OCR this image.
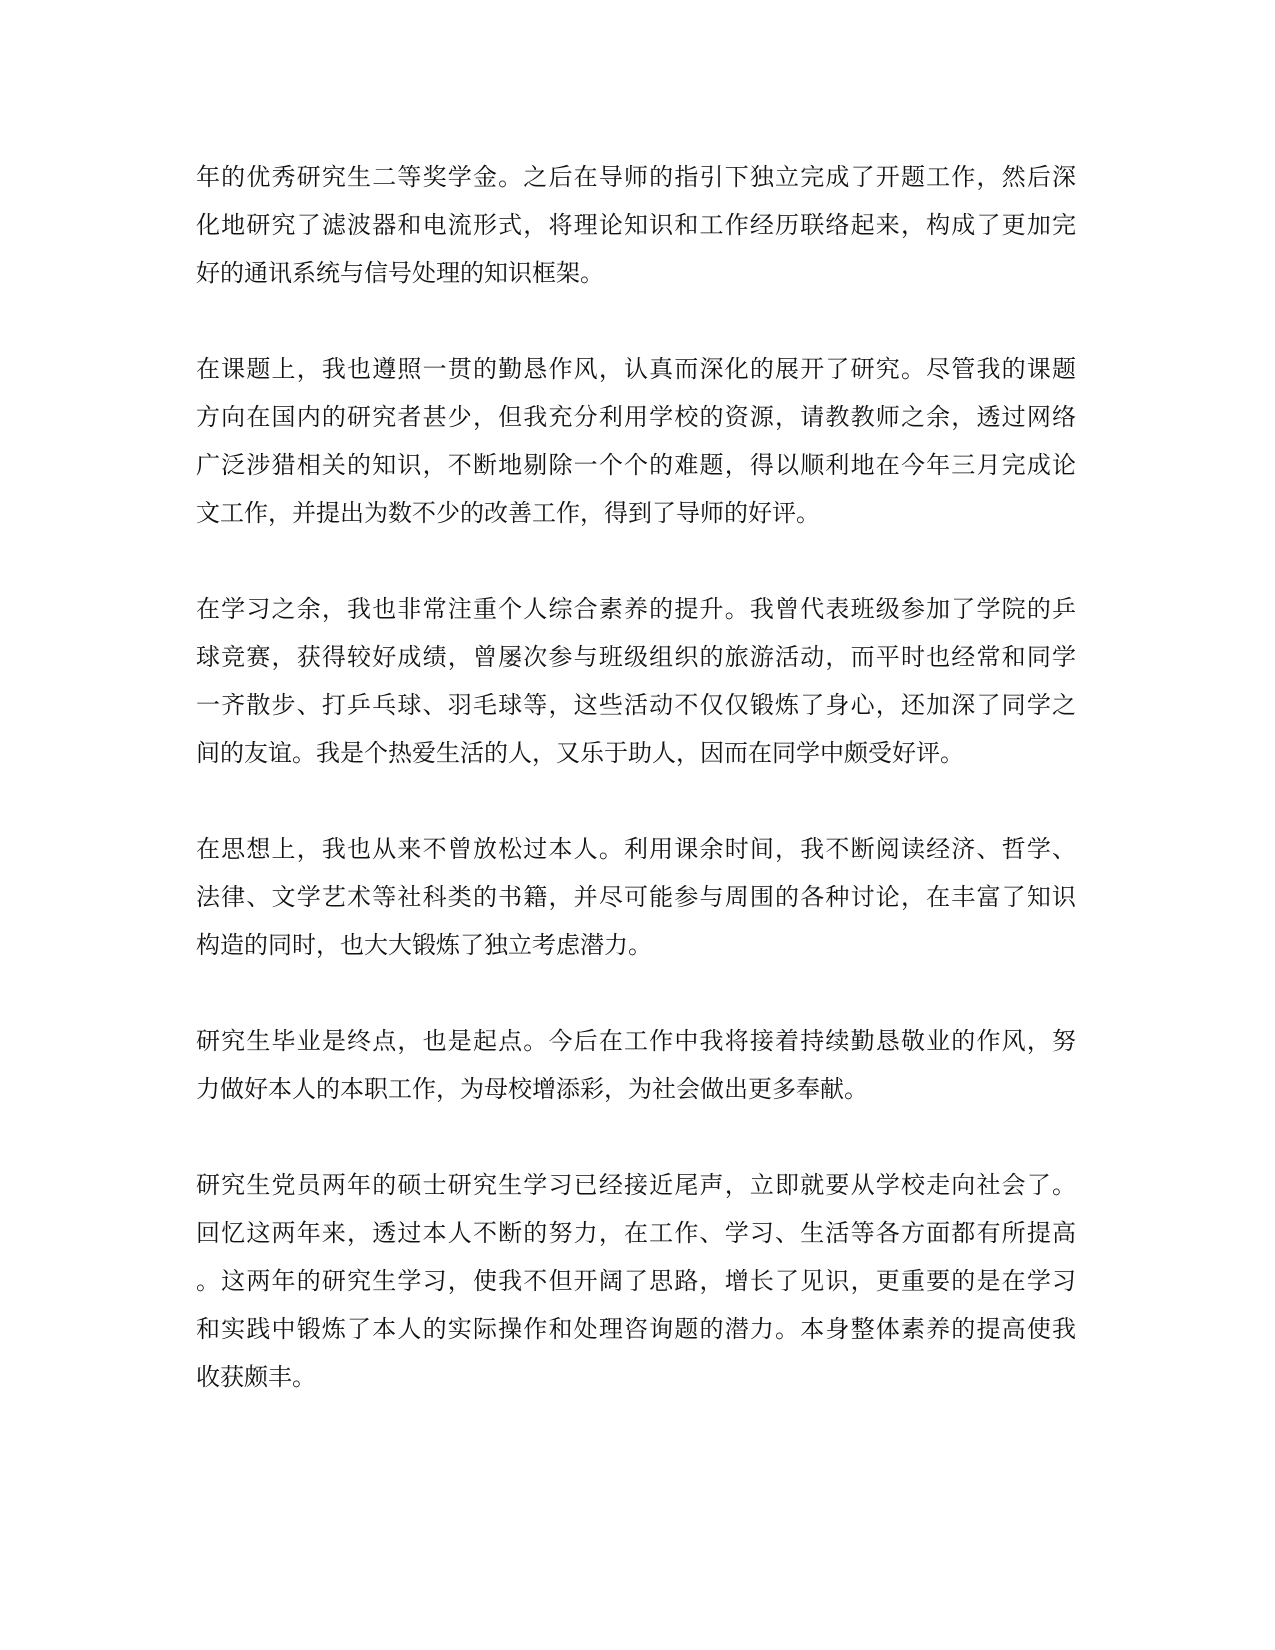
年的优秀研究生二等奖学金。之后在导师的指引下独立完成了开题工作，然后深
化地研究了滤波器和电流形式，将理论知识和工作经历联络起来，构成了更加完
好的通讯系统与信号处理的知识框架。

在课题上，我也遵照一贯的勤恳作风，认真而深化的展开了研究。尽管我的课题
方向在国内的研究者甚少，但我充分利用学校的资源，请教教师之余，透过网络
广泛涉猎相关的知识，不断地剔除一个个的难题，得以顺利地在今年三月完成论
文工作，并提出为数不少的改善工作，得到了导师的好评。

在学习之余，我也非常注重个人综合素养的提升。我曾代表班级参加了学院的乒
球竞赛，获得较好成绩，曾屡次参与班级组织的旅游活动，而平时也经常和同学
一齐散步、打乒乓球、羽毛球等，这些活动不仅仅锻炼了身心，还加深了同学之
间的友谊。我是个热爱生活的人，又乐于助人，因而在同学中颇受好评。

在思想上，我也从来不曾放松过本人。利用课余时间，我不断阅读经济、哲学、
法律、文学艺术等社科类的书籍，并尽可能参与周围的各种讨论，在丰富了知识
构造的同时，也大大锻炼了独立考虑潜力。

研究生毕业是终点，也是起点。今后在工作中我将接着持续勤恳敬业的作风，努
力做好本人的本职工作，为母校增添彩，为社会做出更多奉献。

研究生党员两年的硕士研究生学习已经接近尾声，立即就要从学校走向社会了。
回忆这两年来，透过本人不断的努力，在工作、学习、生活等各方面都有所提高
。这两年的研究生学习，使我不但开阔了思路，增长了见识，更重要的是在学习
和实践中锻炼了本人的实际操作和处理咨询题的潜力。本身整体素养的提高使我
收获颇丰。
